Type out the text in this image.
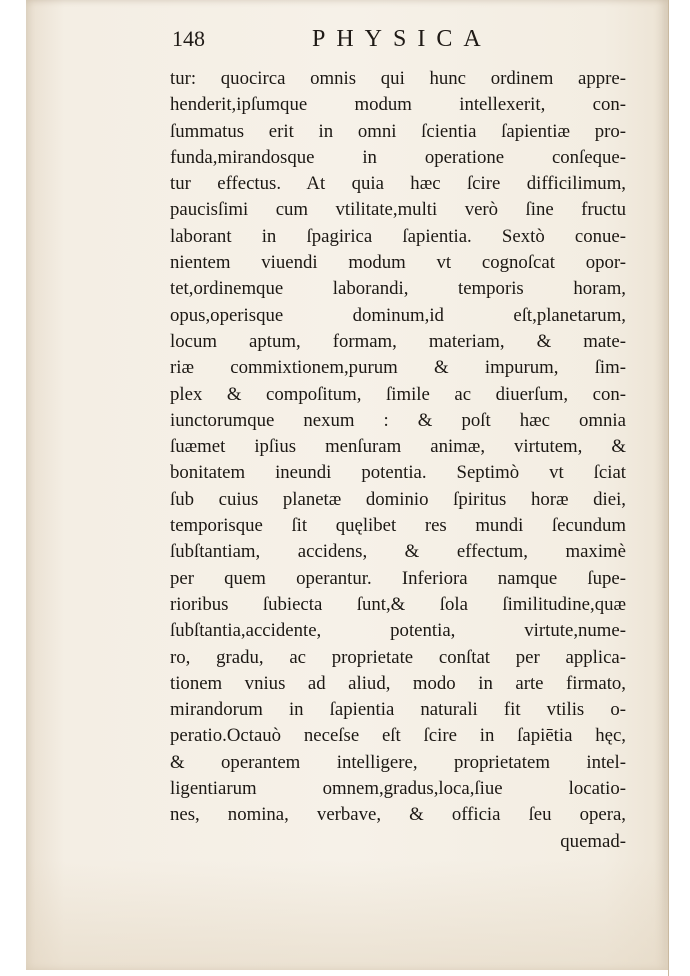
148	PHYSICA
tur: quocirca omnis qui hunc ordinem appre-
henderit,ipſumque modum intellexerit, con-
ſummatus erit in omni ſcientia ſapientiæ pro-
funda,mirandosque in operatione conſeque-
tur effectus. At quia hæc ſcire difficilimum,
paucisſimi cum vtilitate,multi verò ſine fructu
laborant in ſpagirica ſapientia. Sextò conue-
nientem viuendi modum vt cognoſcat opor-
tet,ordinemque laborandi, temporis horam,
opus,operisque dominum,id eſt,planetarum,
locum aptum, formam, materiam, & mate-
riæ commixtionem,purum & impurum, ſim-
plex & compoſitum, ſimile ac diuerſum, con-
iunctorumque nexum : & poſt hæc omnia
ſuæmet ipſius menſuram animæ, virtutem, &
bonitatem ineundi potentia. Septimò vt ſciat
ſub cuius planetæ dominio ſpiritus horæ diei,
temporisque ſit quęlibet res mundi ſecundum
ſubſtantiam, accidens, & effectum, maximè
per quem operantur. Inferiora namque ſupe-
rioribus ſubiecta ſunt,& ſola ſimilitudine,quæ
ſubſtantia,accidente, potentia, virtute,nume-
ro, gradu, ac proprietate conſtat per applica-
tionem vnius ad aliud, modo in arte firmato,
mirandorum in ſapientia naturali fit vtilis o-
peratio.Octauò neceſse eſt ſcire in ſapiētia hęc,
& operantem intelligere, proprietatem intel-
ligentiarum omnem,gradus,loca,ſiue locatio-
nes, nomina, verbave, & officia ſeu opera,
quemad-
